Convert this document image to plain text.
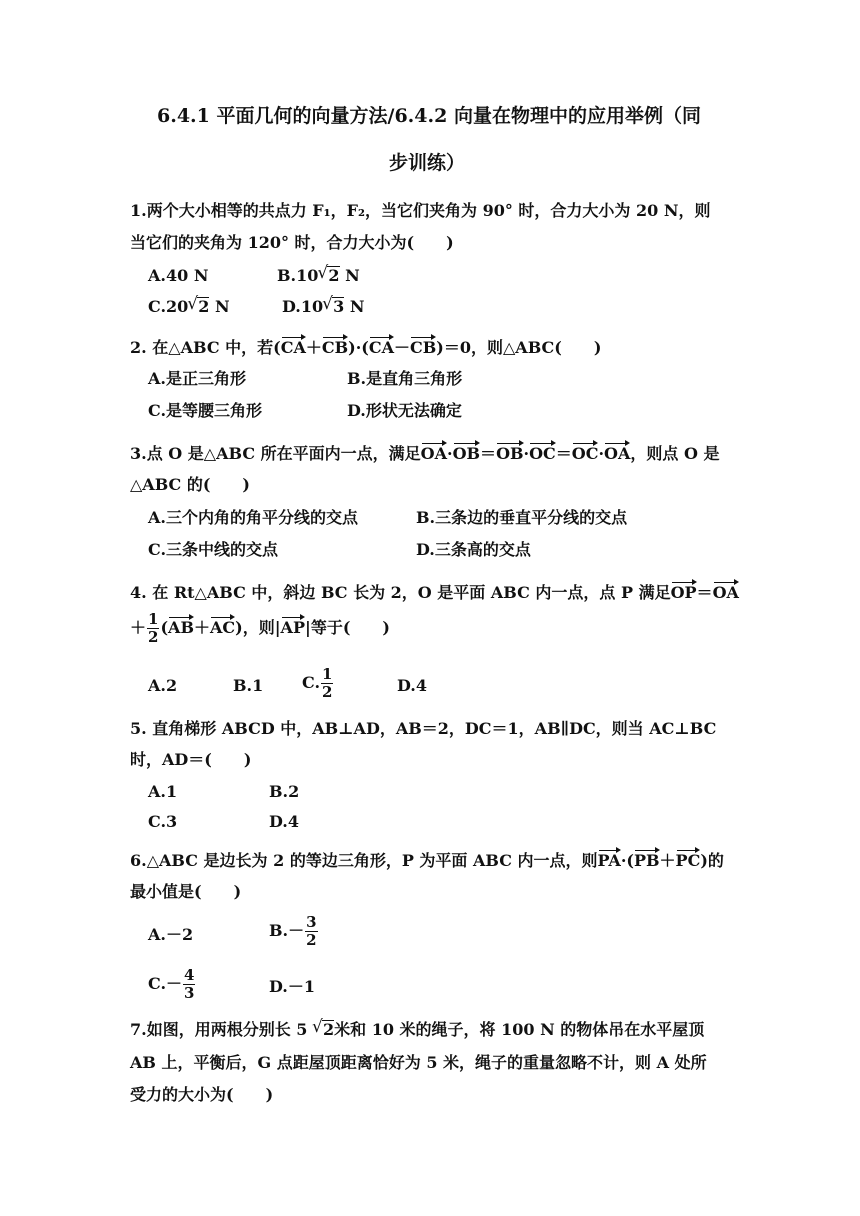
6.4.1 平面几何的向量方法/6.4.2 向量在物理中的应用举例（同
步训练）
1.两个大小相等的共点力 F₁，F₂，当它们夹角为 90° 时，合力大小为 20 N，则
当它们的夹角为 120° 时，合力大小为(　　)
A.40 N	B.10 √ 2 N
C.20 √ 2 N	D.10 √ 3 N
2. 在△ABC 中，若(CA＋CB)·(CA－CB)＝0，则△ABC(　　)
A.是正三角形	B.是直角三角形
C.是等腰三角形	D.形状无法确定
3.点 O 是△ABC 所在平面内一点，满足OA·OB＝OB·OC＝OC·OA，则点 O 是
△ABC 的(　　)
A.三个内角的角平分线的交点	B.三条边的垂直平分线的交点
C.三条中线的交点	D.三条高的交点
4. 在 Rt△ABC 中，斜边 BC 长为 2，O 是平面 ABC 内一点，点 P 满足OP＝OA
＋ $\frac{1}{2} (AB+AC)$，则|AP|等于(　　)
A.2	B.1 C. $\frac{1}{2}$	D.4
5. 直角梯形 ABCD 中，AB⊥AD，AB＝2，DC＝1，AB∥DC，则当 AC⊥BC
时，AD＝(　　)
A.1	B.2
C.3	D.4
6.△ABC 是边长为 2 的等边三角形，P 为平面 ABC 内一点，则PA·(PB＋PC)的
最小值是(　　)
A.－2	$B.- \frac{3}{2}$
$C.- \frac{4}{3}$	D.－1
7.如图，用两根分别长 5 √ 2米和 10 米的绳子，将 100 N 的物体吊在水平屋顶
AB 上，平衡后，G 点距屋顶距离恰好为 5 米，绳子的重量忽略不计，则 A 处所
受力的大小为(　　)
